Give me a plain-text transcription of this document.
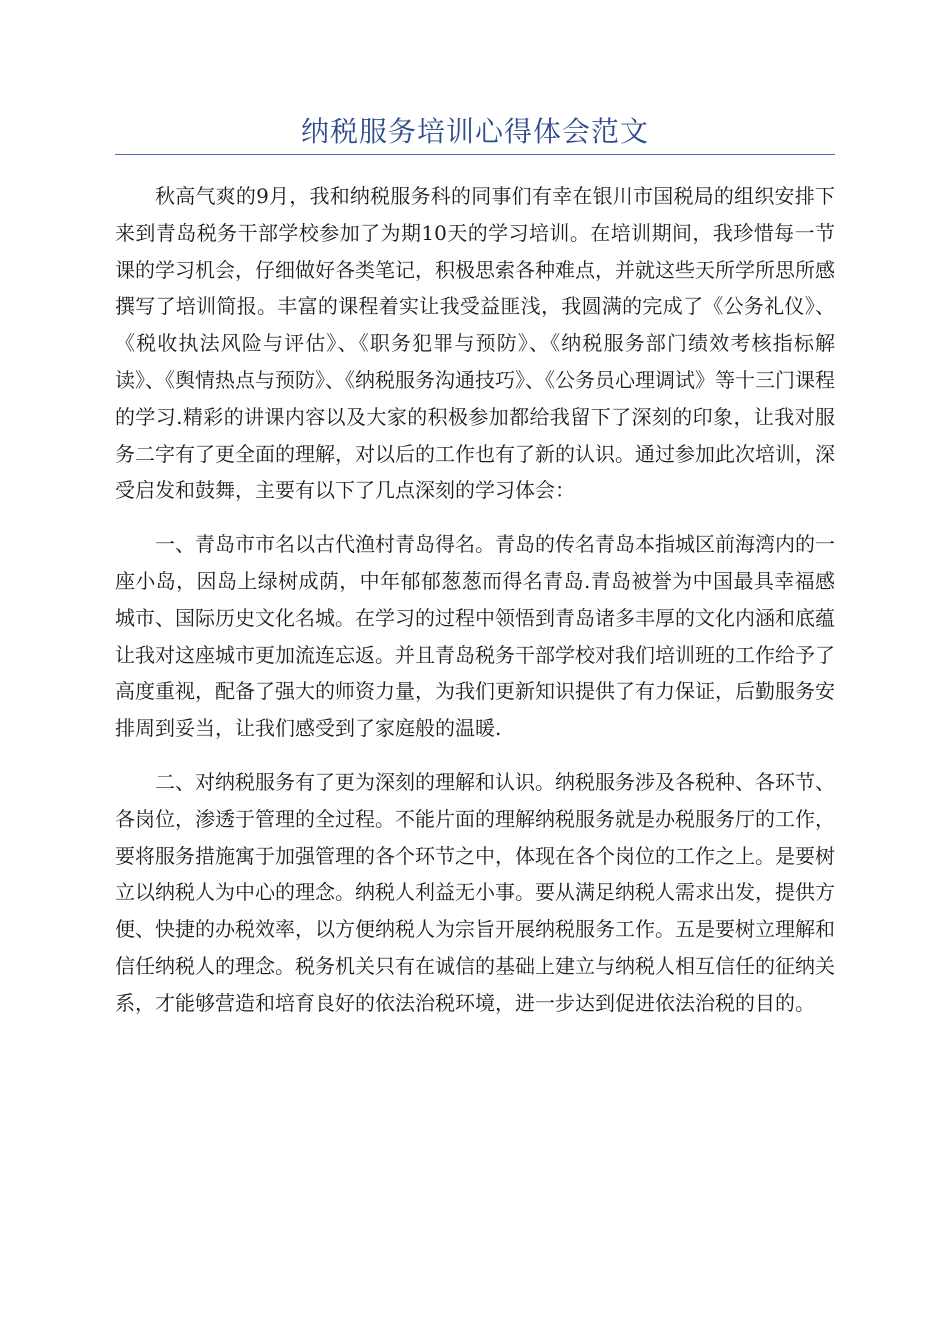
纳税服务培训心得体会范文

秋高气爽的9月，我和纳税服务科的同事们有幸在银川市国税局的组织安排下来到青岛税务干部学校参加了为期10天的学习培训。在培训期间，我珍惜每一节课的学习机会，仔细做好各类笔记，积极思索各种难点，并就这些天所学所思所感撰写了培训简报。丰富的课程着实让我受益匪浅，我圆满的完成了《公务礼仪》、《税收执法风险与评估》、《职务犯罪与预防》、《纳税服务部门绩效考核指标解读》、《舆情热点与预防》、《纳税服务沟通技巧》、《公务员心理调试》等十三门课程的学习.精彩的讲课内容以及大家的积极参加都给我留下了深刻的印象，让我对服务二字有了更全面的理解，对以后的工作也有了新的认识。通过参加此次培训，深受启发和鼓舞，主要有以下了几点深刻的学习体会：

一、青岛市市名以古代渔村青岛得名。青岛的传名青岛本指城区前海湾内的一座小岛，因岛上绿树成荫，中年郁郁葱葱而得名青岛.青岛被誉为中国最具幸福感城市、国际历史文化名城。在学习的过程中领悟到青岛诸多丰厚的文化内涵和底蕴让我对这座城市更加流连忘返。并且青岛税务干部学校对我们培训班的工作给予了高度重视，配备了强大的师资力量，为我们更新知识提供了有力保证，后勤服务安排周到妥当，让我们感受到了家庭般的温暖.

二、对纳税服务有了更为深刻的理解和认识。纳税服务涉及各税种、各环节、各岗位，渗透于管理的全过程。不能片面的理解纳税服务就是办税服务厅的工作，要将服务措施寓于加强管理的各个环节之中，体现在各个岗位的工作之上。是要树立以纳税人为中心的理念。纳税人利益无小事。要从满足纳税人需求出发，提供方便、快捷的办税效率，以方便纳税人为宗旨开展纳税服务工作。五是要树立理解和信任纳税人的理念。税务机关只有在诚信的基础上建立与纳税人相互信任的征纳关系，才能够营造和培育良好的依法治税环境，进一步达到促进依法治税的目的。
